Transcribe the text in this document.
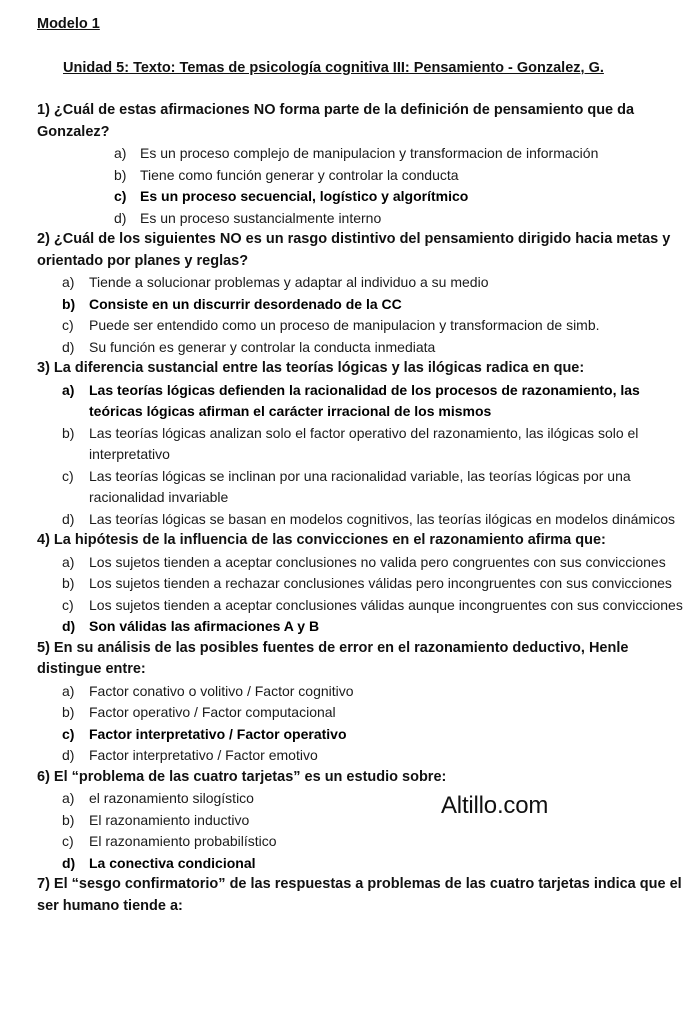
Modelo 1
Unidad 5: Texto: Temas de psicología cognitiva III: Pensamiento - Gonzalez, G.
1) ¿Cuál de estas afirmaciones NO forma parte de la definición de pensamiento que da Gonzalez?
a) Es un proceso complejo de manipulacion y transformacion de información
b) Tiene como función generar y controlar la conducta
c) Es un proceso secuencial, logístico y algorítmico
d) Es un proceso sustancialmente interno
2) ¿Cuál de los siguientes NO es un rasgo distintivo del pensamiento dirigido hacia metas y orientado por planes y reglas?
a) Tiende a solucionar problemas y adaptar al individuo a su medio
b) Consiste en un discurrir desordenado de la CC
c) Puede ser entendido como un proceso de manipulacion y transformacion de simb.
d) Su función es generar y controlar la conducta inmediata
3) La diferencia sustancial entre las teorías lógicas y las ilógicas radica en que:
a) Las teorías lógicas defienden la racionalidad de los procesos de razonamiento, las teóricas lógicas afirman el carácter irracional de los mismos
b) Las teorías lógicas analizan solo el factor operativo del razonamiento, las ilógicas solo el interpretativo
c) Las teorías lógicas se inclinan por una racionalidad variable, las teorías lógicas por una racionalidad invariable
d) Las teorías lógicas se basan en modelos cognitivos, las teorías ilógicas en modelos dinámicos
4) La hipótesis de la influencia de las convicciones en el razonamiento afirma que:
a) Los sujetos tienden a aceptar conclusiones no valida pero congruentes con sus convicciones
b) Los sujetos tienden a rechazar conclusiones válidas pero incongruentes con sus convicciones
c) Los sujetos tienden a aceptar conclusiones válidas aunque incongruentes con sus convicciones
d) Son válidas las afirmaciones A y B
5) En su análisis de las posibles fuentes de error en el razonamiento deductivo, Henle distingue entre:
a) Factor conativo o volitivo / Factor cognitivo
b) Factor operativo / Factor computacional
c) Factor interpretativo / Factor operativo
d) Factor interpretativo / Factor emotivo
6) El “problema de las cuatro tarjetas” es un estudio sobre:
a) el razonamiento silogístico
b) El razonamiento inductivo
c) El razonamiento probabilístico
d) La conectiva condicional
7) El “sesgo confirmatorio” de las respuestas a problemas de las cuatro tarjetas indica que el ser humano tiende a:
Altillo.com
